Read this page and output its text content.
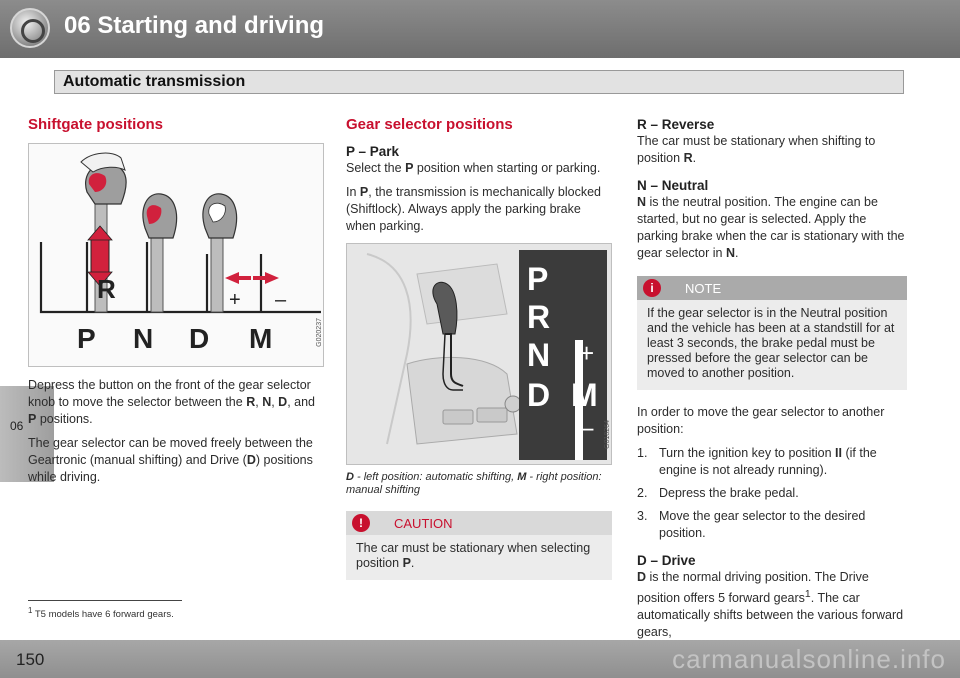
06 Starting and driving
Automatic transmission
06
Shiftgate positions
R	+ –
P N D M	G020237

Depress the button on the front of the gear selector knob to move the selector between the R, N, D, and P positions.

The gear selector can be moved freely between the Geartronic (manual shifting) and Drive (D) positions while driving.

Gear selector positions
P – Park

Select the P position when starting or parking.

In P, the transmission is mechanically blocked (Shiftlock). Always apply the parking brake when parking.

P
R
N
D M
+
–	G018264
D - left position: automatic shifting, M - right position: manual shifting
!	CAUTION
The car must be stationary when selecting position P.
R – Reverse

The car must be stationary when shifting to position R.

N – Neutral

N is the neutral position. The engine can be started, but no gear is selected. Apply the parking brake when the car is stationary with the gear selector in N.

i	NOTE
If the gear selector is in the Neutral position and the vehicle has been at a standstill for at least 3 seconds, the brake pedal must be pressed before the gear selector can be moved to another position.

In order to move the gear selector to another position:

1. Turn the ignition key to position II (if the engine is not already running).
2. Depress the brake pedal.
3. Move the gear selector to the desired position.
D – Drive

D is the normal driving position. The Drive position offers 5 forward gears$^1$. The car automatically shifts between the various forward gears,

$^1$ T5 models have 6 forward gears.
150	carmanualsonline.info
